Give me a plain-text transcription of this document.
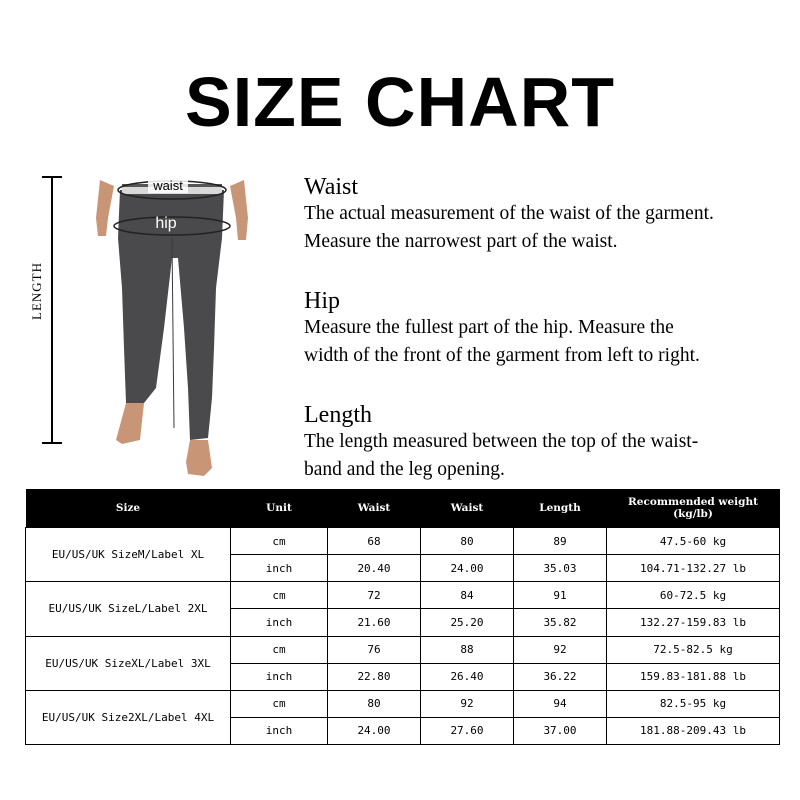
SIZE CHART
LENGTH
waist
hip
Waist
The actual measurement of the waist of the garment.
Measure the narrowest part of the waist.
Hip
Measure the fullest part of the hip. Measure the
width of the front of the garment from left to right.
Length
The length measured between the top of the waist-
band and the leg opening.
Size	Unit	Waist	Waist	Length	Recommended weight
(kg/lb)
EU/US/UK SizeM/Label XL	cm	68	80	89	47.5-60 kg
	inch	20.40	24.00	35.03	104.71-132.27 lb
EU/US/UK SizeL/Label 2XL	cm	72	84	91	60-72.5 kg
	inch	21.60	25.20	35.82	132.27-159.83 lb
EU/US/UK SizeXL/Label 3XL	cm	76	88	92	72.5-82.5 kg
	inch	22.80	26.40	36.22	159.83-181.88 lb
EU/US/UK Size2XL/Label 4XL	cm	80	92	94	82.5-95 kg
	inch	24.00	27.60	37.00	181.88-209.43 lb
